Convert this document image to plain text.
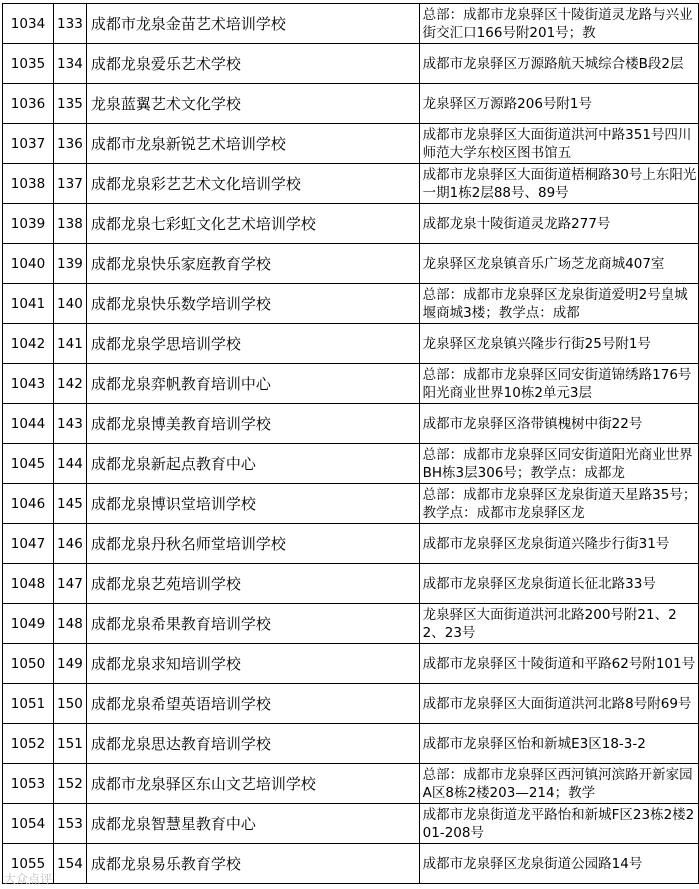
1034	133	成都市龙泉金苗艺术培训学校	总部：成都市龙泉驿区十陵街道灵龙路与兴业街交汇口166号附201号；教

1035	134	成都龙泉爱乐艺术学校	成都市龙泉驿区万源路航天城综合楼B段2层

1036	135	龙泉蓝翼艺术文化学校	龙泉驿区万源路206号附1号

1037	136	成都市龙泉新锐艺术培训学校	成都市龙泉驿区大面街道洪河中路351号四川师范大学东校区图书馆五

1038	137	成都龙泉彩艺艺术文化培训学校	成都市龙泉驿区大面街道梧桐路30号上东阳光一期1栋2层88号、89号

1039	138	成都龙泉七彩虹文化艺术培训学校	成都龙泉十陵街道灵龙路277号

1040	139	成都龙泉快乐家庭教育学校	龙泉驿区龙泉镇音乐广场芝龙商城407室

1041	140	成都龙泉快乐数学培训学校	总部：成都市龙泉驿区龙泉街道爱明2号皇城堰商城3楼；教学点：成都

1042	141	成都龙泉学思培训学校	龙泉驿区龙泉镇兴隆步行街25号附1号

1043	142	成都龙泉弈帆教育培训中心	总部：成都市龙泉驿区同安街道锦绣路176号阳光商业世界10栋2单元3层

1044	143	成都龙泉博美教育培训学校	成都市龙泉驿区洛带镇槐树中街22号

1045	144	成都龙泉新起点教育中心	总部：成都市龙泉驿区同安街道阳光商业世界BH栋3层306号；教学点：成都龙

1046	145	成都龙泉博识堂培训学校	总部：成都市龙泉驿区龙泉街道天星路35号；教学点：成都市龙泉驿区龙

1047	146	成都龙泉丹秋名师堂培训学校	成都市龙泉驿区龙泉街道兴隆步行街31号

1048	147	成都龙泉艺苑培训学校	成都市龙泉驿区龙泉街道长征北路33号

1049	148	成都龙泉希果教育培训学校	龙泉驿区大面街道洪河北路200号附21、22、23号

1050	149	成都龙泉求知培训学校	成都市龙泉驿区十陵街道和平路62号附101号

1051	150	成都龙泉希望英语培训学校	成都市龙泉驿区大面街道洪河北路8号附69号

1052	151	成都龙泉思达教育培训学校	成都市龙泉驿区怡和新城E3区18-3-2

1053	152	成都市龙泉驿区东山文艺培训学校	总部：成都市龙泉驿区西河镇河滨路开新家园A区8栋2楼203—214；教学

1054	153	成都龙泉智慧星教育中心	成都市龙泉街道龙平路怡和新城F区23栋2楼201-208号

1055	154	成都龙泉易乐教育学校	成都市龙泉驿区龙泉街道公园路14号
大众点评
